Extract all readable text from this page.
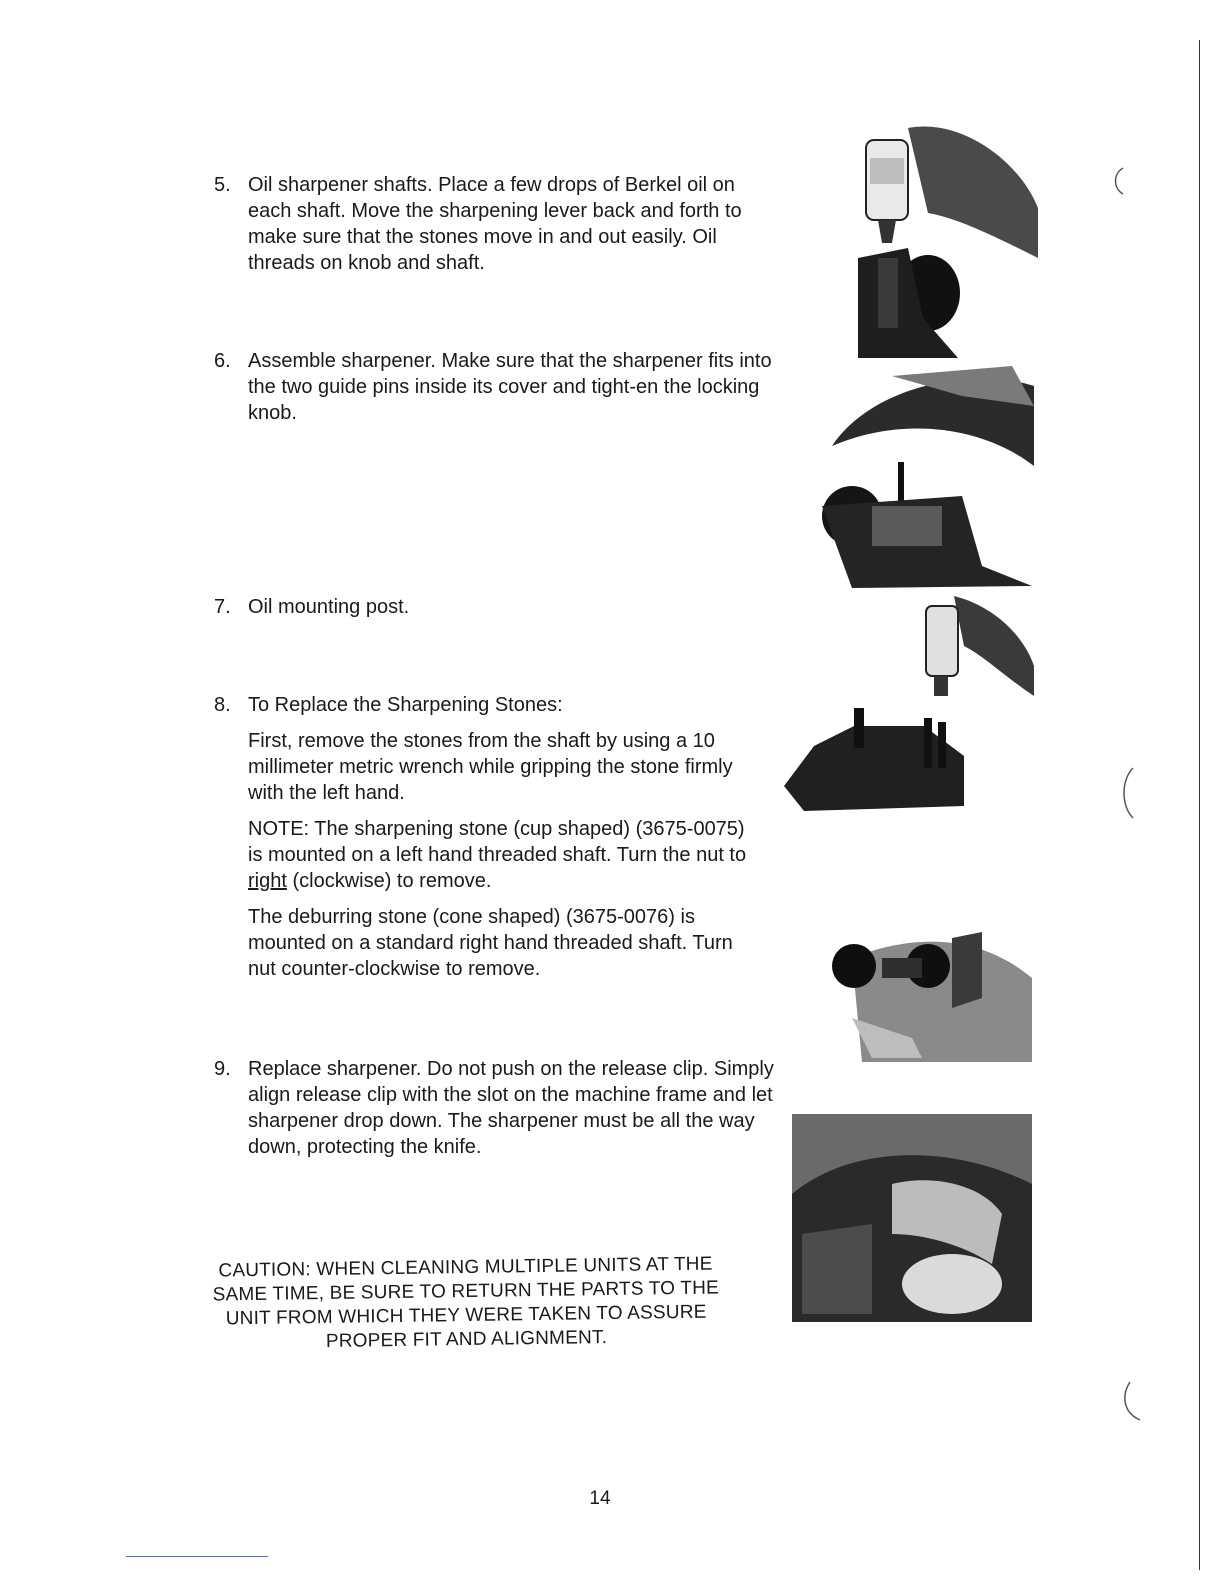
5. Oil sharpener shafts. Place a few drops of Berkel oil on each shaft. Move the sharpening lever back and forth to make sure that the stones move in and out easily. Oil threads on knob and shaft.

6. Assemble sharpener. Make sure that the sharpener fits into the two guide pins inside its cover and tight-en the locking knob.

7. Oil mounting post.

8. To Replace the Sharpening Stones:

First, remove the stones from the shaft by using a 10 millimeter metric wrench while gripping the stone firmly with the left hand.

NOTE: The sharpening stone (cup shaped) (3675-0075) is mounted on a left hand threaded shaft. Turn the nut to right (clockwise) to remove.

The deburring stone (cone shaped) (3675-0076) is mounted on a standard right hand threaded shaft. Turn nut counter-clockwise to remove.

9. Replace sharpener. Do not push on the release clip. Simply align release clip with the slot on the machine frame and let sharpener drop down. The sharpener must be all the way down, protecting the knife.

CAUTION: WHEN CLEANING MULTIPLE UNITS AT THE SAME TIME, BE SURE TO RETURN THE PARTS TO THE UNIT FROM WHICH THEY WERE TAKEN TO ASSURE PROPER FIT AND ALIGNMENT.
14
